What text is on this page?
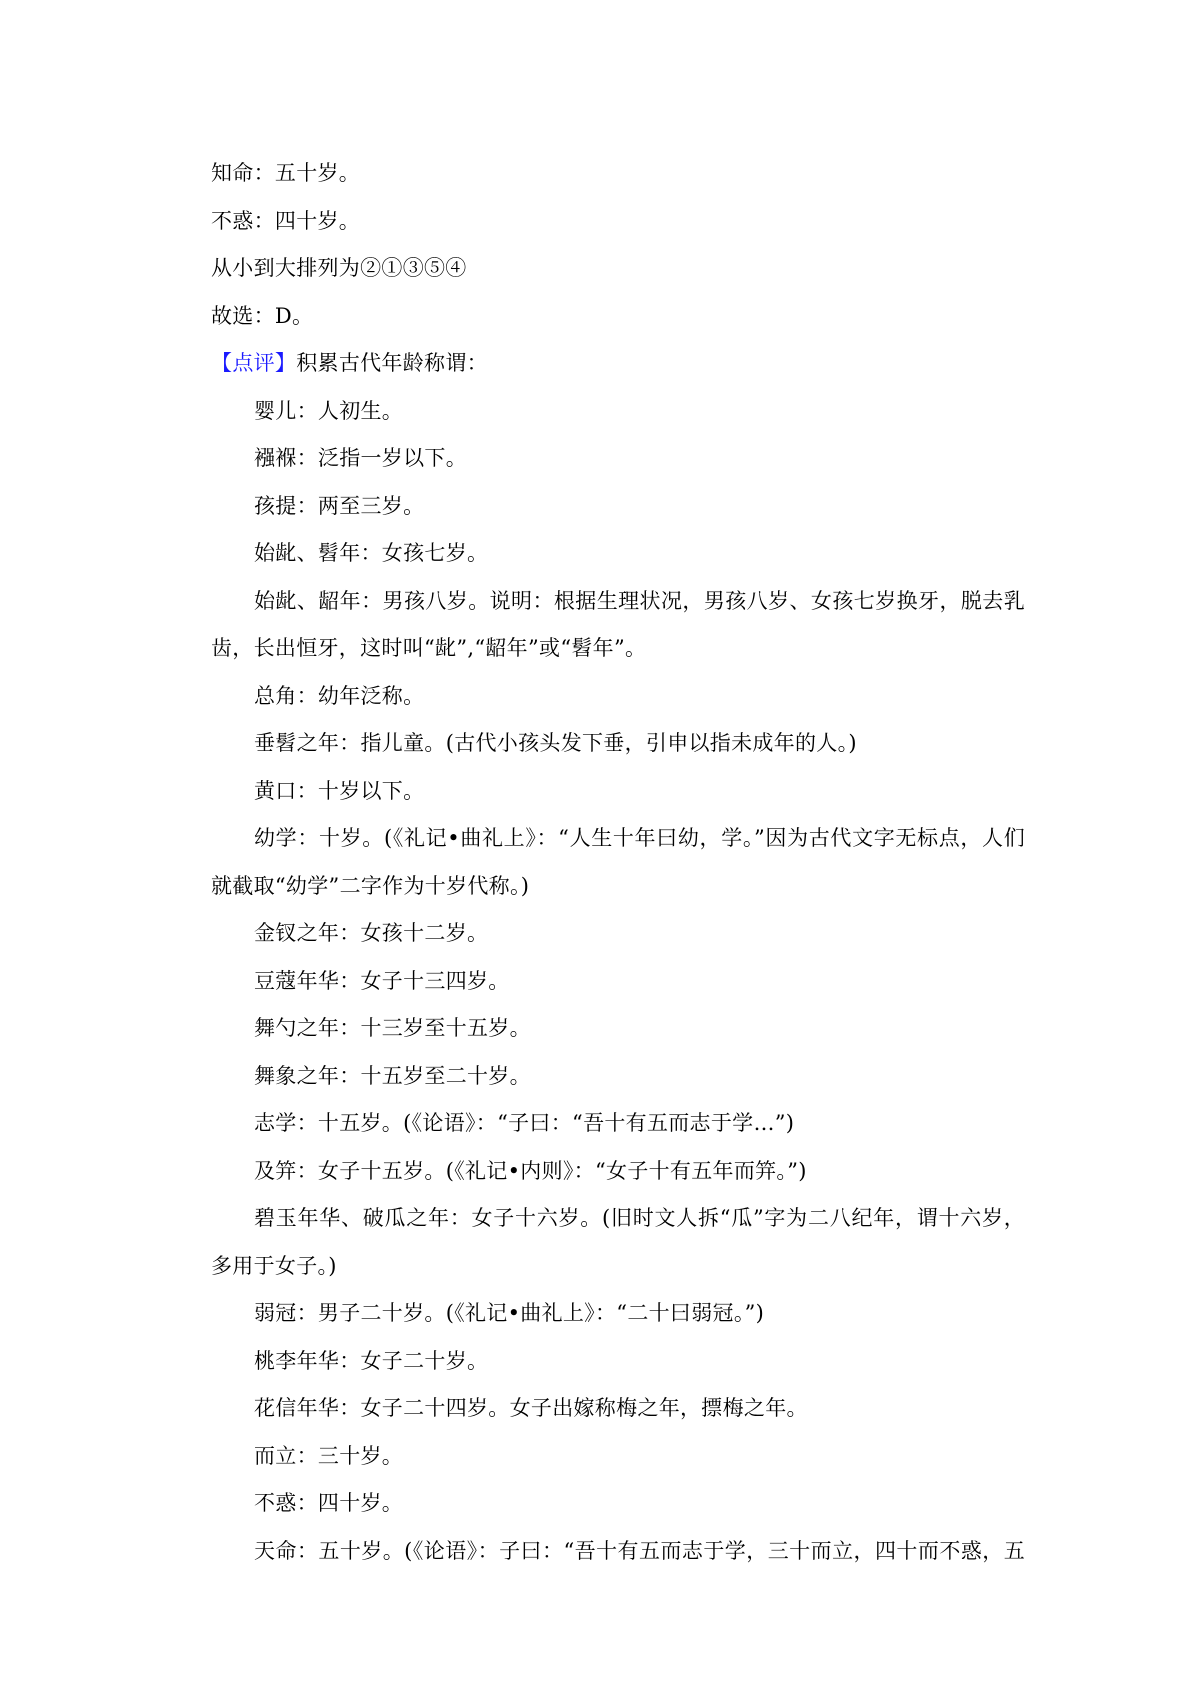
知命：五十岁。
不惑：四十岁。
从小到大排列为②①③⑤④
故选：D。
【点评】积累古代年龄称谓：
婴儿：人初生。
襁褓：泛指一岁以下。
孩提：两至三岁。
始龀、髫年：女孩七岁。
始龀、龆年：男孩八岁。说明：根据生理状况，男孩八岁、女孩七岁换牙，脱去乳
齿，长出恒牙，这时叫“龀”,“龆年”或“髫年”。
总角：幼年泛称。
垂髫之年：指儿童。(古代小孩头发下垂，引申以指未成年的人。)
黄口：十岁以下。
幼学：十岁。(《礼记•曲礼上》：“人生十年曰幼，学。”因为古代文字无标点，人们
就截取“幼学”二字作为十岁代称。)
金钗之年：女孩十二岁。
豆蔻年华：女子十三四岁。
舞勺之年：十三岁至十五岁。
舞象之年：十五岁至二十岁。
志学：十五岁。(《论语》：“子曰：“吾十有五而志于学…”)
及笄：女子十五岁。(《礼记•内则》：“女子十有五年而笄。”)
碧玉年华、破瓜之年：女子十六岁。(旧时文人拆“瓜”字为二八纪年，谓十六岁，
多用于女子。)
弱冠：男子二十岁。(《礼记•曲礼上》：“二十曰弱冠。”)
桃李年华：女子二十岁。
花信年华：女子二十四岁。女子出嫁称梅之年，摽梅之年。
而立：三十岁。
不惑：四十岁。
天命：五十岁。(《论语》：子曰：“吾十有五而志于学，三十而立，四十而不惑，五
